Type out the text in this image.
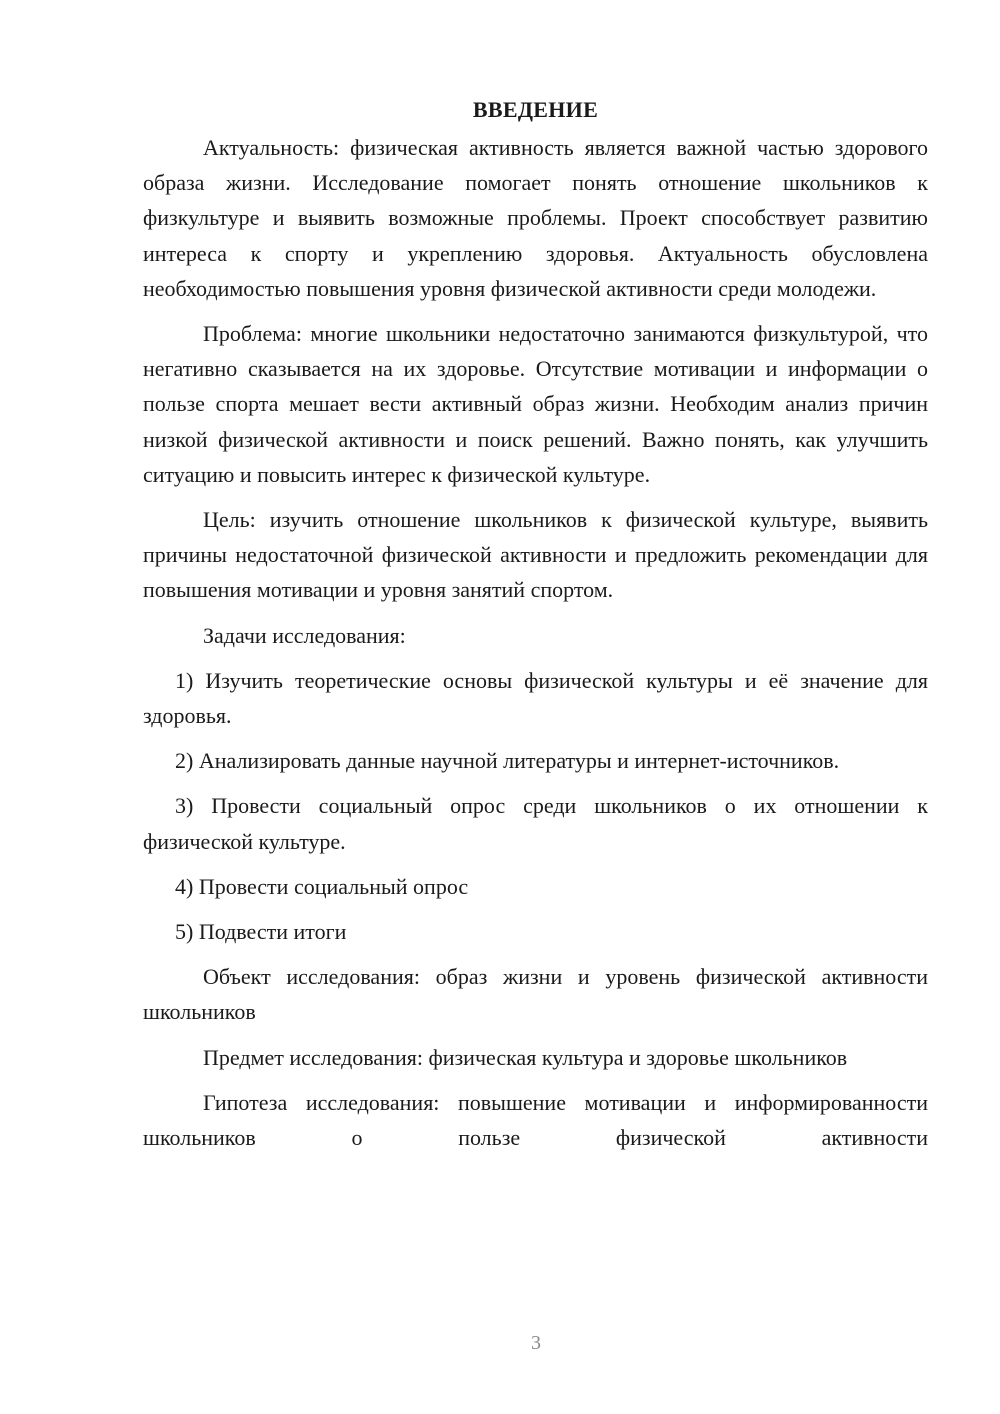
ВВЕДЕНИЕ

Актуальность: физическая активность является важной частью здорового образа жизни. Исследование помогает понять отношение школьников к физкультуре и выявить возможные проблемы. Проект способствует развитию интереса к спорту и укреплению здоровья. Актуальность обусловлена необходимостью повышения уровня физической активности среди молодежи.

Проблема: многие школьники недостаточно занимаются физкультурой, что негативно сказывается на их здоровье. Отсутствие мотивации и информации о пользе спорта мешает вести активный образ жизни. Необходим анализ причин низкой физической активности и поиск решений. Важно понять, как улучшить ситуацию и повысить интерес к физической культуре.

Цель: изучить отношение школьников к физической культуре, выявить причины недостаточной физической активности и предложить рекомендации для повышения мотивации и уровня занятий спортом.

Задачи исследования:

1) Изучить теоретические основы физической культуры и её значение для здоровья.

2) Анализировать данные научной литературы и интернет-источников.

3) Провести социальный опрос среди школьников о их отношении к физической культуре.

4) Провести социальный опрос

5) Подвести итоги

Объект исследования: образ жизни и уровень физической активности школьников

Предмет исследования: физическая культура и здоровье школьников

Гипотеза исследования: повышение мотивации и информированности школьников о пользе физической активности

3
